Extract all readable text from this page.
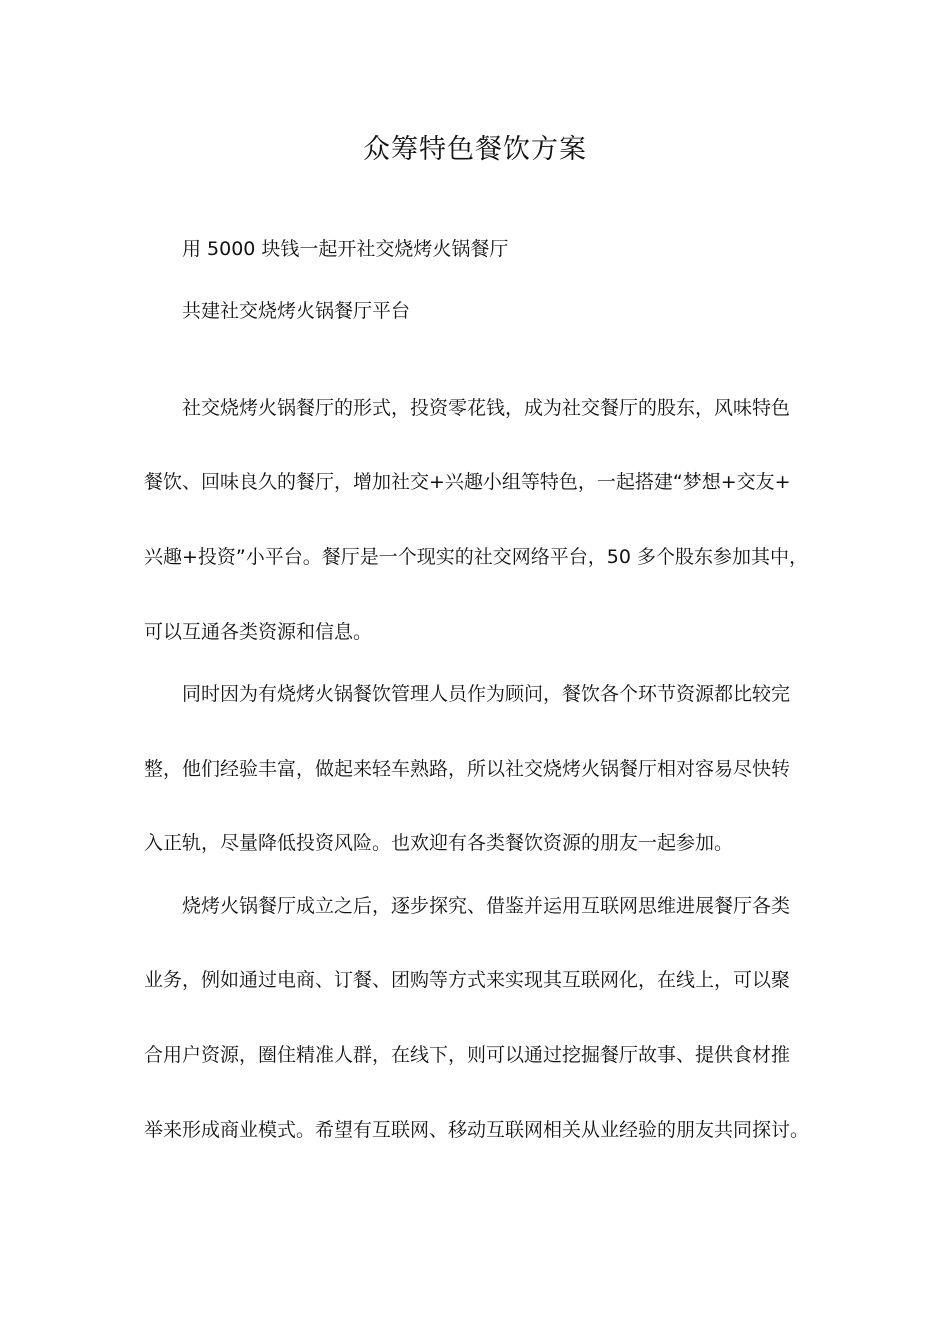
众筹特色餐饮方案

用 5000 块钱一起开社交烧烤火锅餐厅

共建社交烧烤火锅餐厅平台

社交烧烤火锅餐厅的形式，投资零花钱，成为社交餐厅的股东，风味特色

餐饮、回味良久的餐厅，增加社交+兴趣小组等特色，一起搭建“梦想+交友+

兴趣+投资”小平台。餐厅是一个现实的社交网络平台，50 多个股东参加其中，

可以互通各类资源和信息。

同时因为有烧烤火锅餐饮管理人员作为顾问，餐饮各个环节资源都比较完

整，他们经验丰富，做起来轻车熟路，所以社交烧烤火锅餐厅相对容易尽快转

入正轨，尽量降低投资风险。也欢迎有各类餐饮资源的朋友一起参加。

烧烤火锅餐厅成立之后，逐步探究、借鉴并运用互联网思维进展餐厅各类

业务，例如通过电商、订餐、团购等方式来实现其互联网化，在线上，可以聚

合用户资源，圈住精准人群，在线下，则可以通过挖掘餐厅故事、提供食材推

举来形成商业模式。希望有互联网、移动互联网相关从业经验的朋友共同探讨。
